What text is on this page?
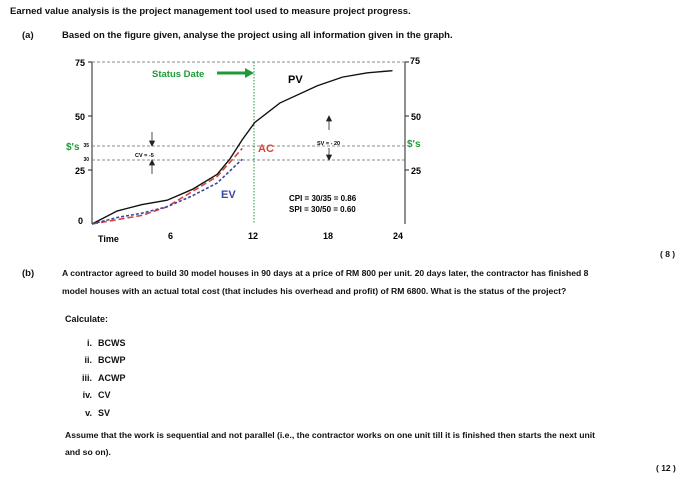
Earned value analysis is the project management tool used to measure project progress.
(a)	Based on the figure given, analyse the project using all information given in the graph.
75
50
25
0
$'s 35
30
75
50
25
$'s
Time	6	12	18	24
Status Date	PV
AC
EV
CV = -5
SV = - 20
CPI = 30/35 = 0.86
SPI = 30/50 = 0.60
( 8 )
(b)	A contractor agreed to build 30 model houses in 90 days at a price of RM 800 per unit. 20 days later, the contractor has finished 8
model houses with an actual total cost (that includes his overhead and profit) of RM 6800. What is the status of the project?
Calculate:
i. BCWS
ii. BCWP
iii. ACWP
iv. CV
v. SV
Assume that the work is sequential and not parallel (i.e., the contractor works on one unit till it is finished then starts the next unit
and so on).
( 12 )
